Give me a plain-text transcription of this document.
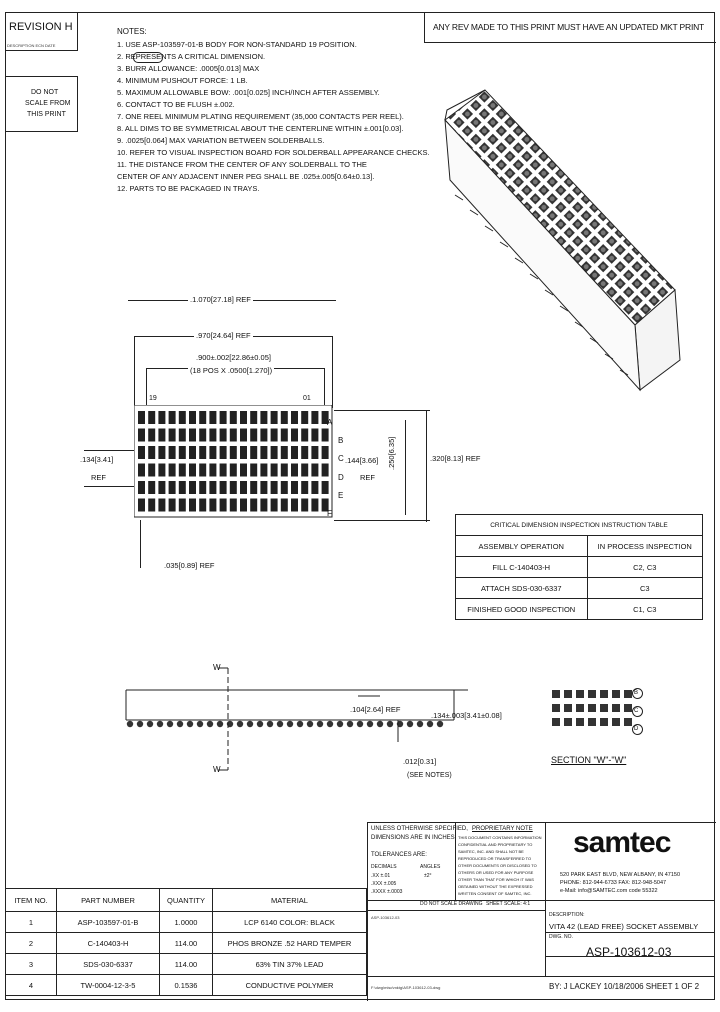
REVISION H
DESCRIPTION ECN DATE
DO NOT
SCALE FROM
THIS PRINT
ANY REV MADE TO THIS PRINT MUST HAVE AN UPDATED MKT PRINT
NOTES:
1. USE ASP-103597-01-B BODY FOR NON-STANDARD 19 POSITION.
2. REPRESENTS A CRITICAL DIMENSION.
3. BURR ALLOWANCE: .0005[0.013] MAX
4. MINIMUM PUSHOUT FORCE: 1 LB.
5. MAXIMUM ALLOWABLE BOW: .001[0.025] INCH/INCH AFTER ASSEMBLY.
6. CONTACT TO BE FLUSH ±.002.
7. ONE REEL MINIMUM PLATING REQUIREMENT (35,000 CONTACTS PER REEL).
8. ALL DIMS TO BE SYMMETRICAL ABOUT THE CENTERLINE WITHIN ±.001[0.03].
9. .0025[0.064] MAX VARIATION BETWEEN SOLDERBALLS.
10. REFER TO VISUAL INSPECTION BOARD FOR SOLDERBALL APPEARANCE CHECKS.
11. THE DISTANCE FROM THE CENTER OF ANY SOLDERBALL TO THE
CENTER OF ANY ADJACENT INNER PEG SHALL BE .025±.005[0.64±0.13].
12. PARTS TO BE PACKAGED IN TRAYS.
.1.070[27.18] REF
.970[24.64] REF
.900±.002[22.86±0.05]
(18 POS X .0500[1.270])
19	01
A
B
C
D
E
F
.134[3.41]
REF
.144[3.66]
REF
.250[6.35]	.320[8.13] REF
.035[0.89] REF
CRITICAL DIMENSION INSPECTION INSTRUCTION TABLE	
ASSEMBLY OPERATION	IN PROCESS INSPECTION
FILL C-140403-H	C2, C3
ATTACH SDS-030-6337	C3
FINISHED GOOD INSPECTION	C1, C3
W
W
.104[2.64] REF
.134±.003[3.41±0.08]
.012[0.31]
(SEE NOTES)
B
C
D
SECTION "W"-"W"
UNLESS OTHERWISE SPECIFIED,
DIMENSIONS ARE IN INCHES
TOLERANCES ARE:
DECIMALS
.XX ±.01
.XXX ±.005
.XXXX ±.0003
ANGLES
±2°
PROPRIETARY NOTE
THIS DOCUMENT CONTAINS INFORMATION
CONFIDENTIAL AND PROPRIETARY TO
SAMTEC, INC. AND SHALL NOT BE
REPRODUCED OR TRANSFERRED TO
OTHER DOCUMENTS OR DISCLOSED TO
OTHERS OR USED FOR ANY PURPOSE
OTHER THAN THAT FOR WHICH IT WAS
OBTAINED WITHOUT THE EXPRESSED
WRITTEN CONSENT OF SAMTEC, INC.
samtec
520 PARK EAST BLVD, NEW ALBANY, IN 47150
PHONE: 812-944-6733 FAX: 812-948-5047
e-Mail: info@SAMTEC.com code 55322
DO NOT SCALE DRAWING SHEET SCALE: 4:1
DESCRIPTION:
VITA 42 (LEAD FREE) SOCKET ASSEMBLY
DWG. NO.
ASP-103612-03
BY: J LACKEY 10/18/2006 SHEET 1 OF 2
F:\dwg\misc\mktg\ASP-103612-03-dwg
ASP-103612-03
ITEM NO.	PART NUMBER	QUANTITY	MATERIAL
1	ASP-103597-01-B	1.0000	LCP 6140 COLOR: BLACK
2	C-140403-H	114.00	PHOS BRONZE .52 HARD TEMPER
3	SDS-030-6337	114.00	63% TIN 37% LEAD
4	TW-0004-12-3-5	0.1536	CONDUCTIVE POLYMER
